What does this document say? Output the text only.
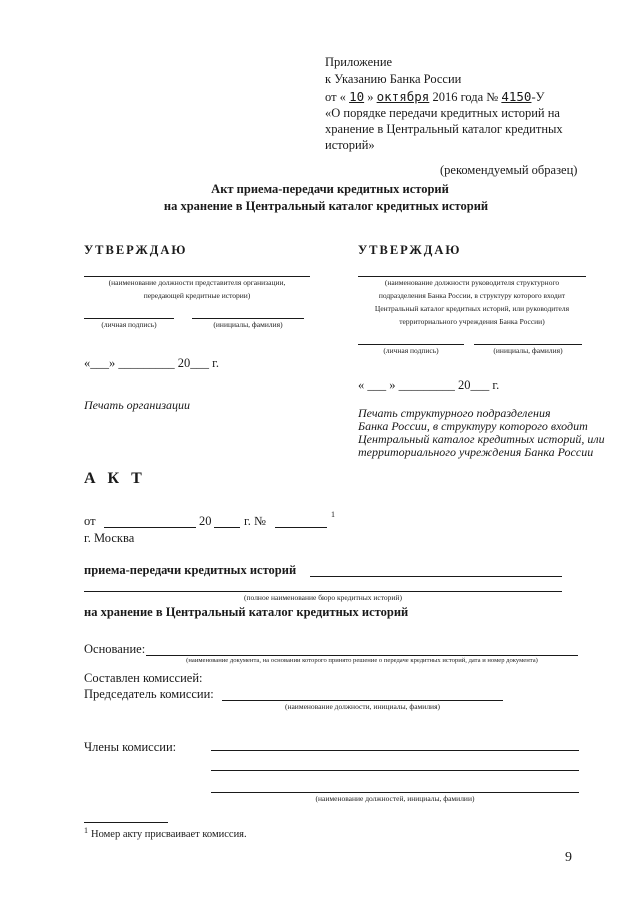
Приложение
к Указанию Банка России
от « 10 » октября 2016 года № 4150-У
«О порядке передачи кредитных историй на
хранение в Центральный каталог кредитных
историй»
(рекомендуемый образец)
Акт приема-передачи кредитных историй
на хранение в Центральный каталог кредитных историй
УТВЕРЖДАЮ
(наименование должности представителя организации,
передающей кредитные истории)
(личная подпись)	(инициалы, фамилия)
«___» _________ 20___ г.
Печать организации
УТВЕРЖДАЮ
(наименование должности руководителя структурного
подразделения Банка России, в структуру которого входит
Центральный каталог кредитных историй, или руководителя
территориального учреждения Банка России)
(личная подпись)	(инициалы, фамилия)
« ___ » _________ 20___ г.
Печать структурного подразделения
Банка России, в структуру которого входит
Центральный каталог кредитных историй, или
территориального учреждения Банка России
А К Т
от	20	г. №	1
г. Москва
приема-передачи кредитных историй
(полное наименование бюро кредитных историй)
на хранение в Центральный каталог кредитных историй
Основание:
(наименование документа, на основании которого принято решение о передаче кредитных историй, дата и номер документа)
Составлен комиссией:
Председатель комиссии:
(наименование должности, инициалы, фамилия)
Члены комиссии:
(наименование должностей, инициалы, фамилии)
1 Номер акту присваивает комиссия.
9
